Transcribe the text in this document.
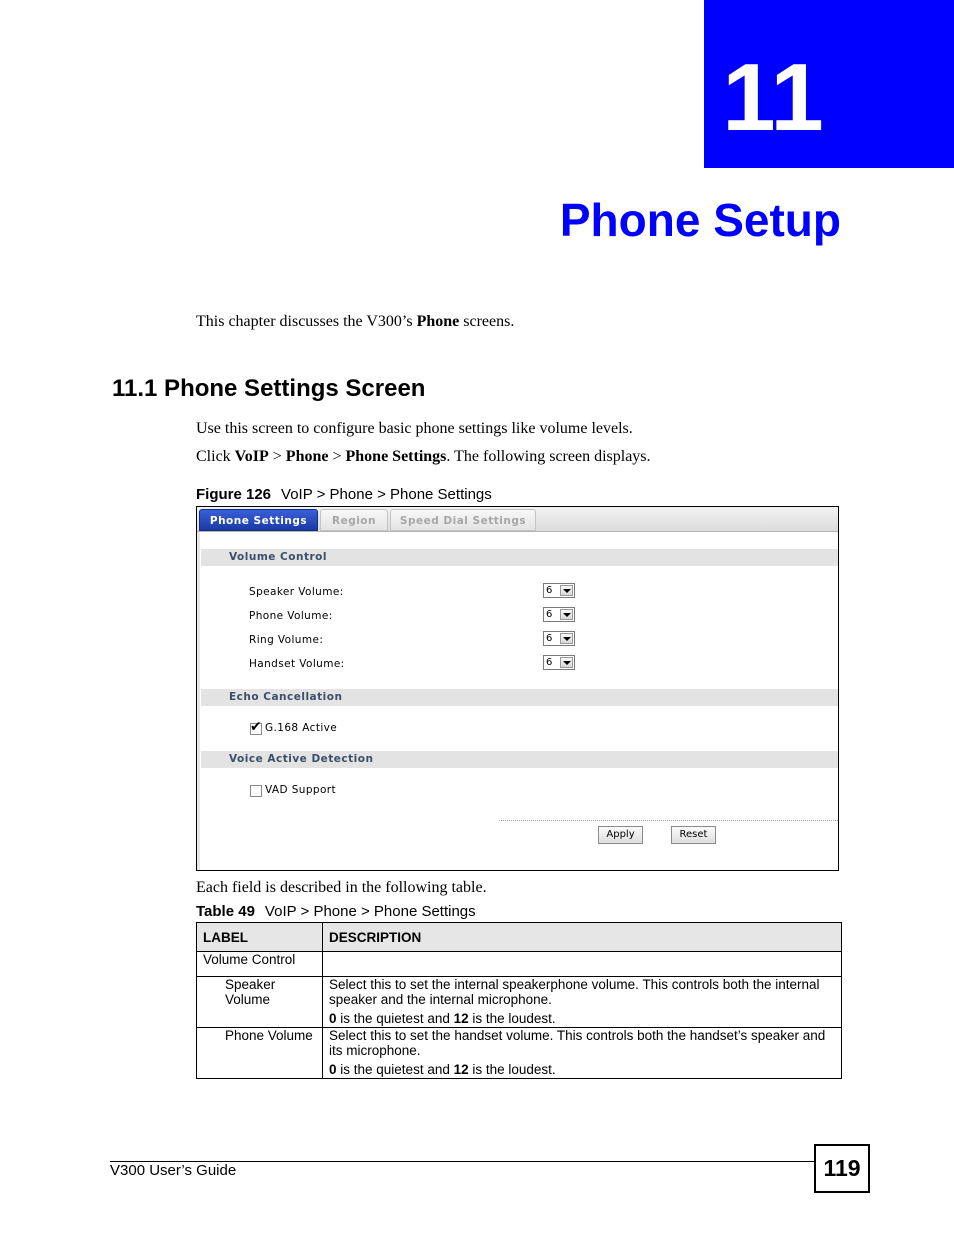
11
Phone Setup
This chapter discusses the V300’s Phone screens.
11.1 Phone Settings Screen
Use this screen to configure basic phone settings like volume levels.
Click VoIP > Phone > Phone Settings. The following screen displays.
Figure 126 VoIP > Phone > Phone Settings
Phone Settings	Region	Speed Dial Settings
Volume Control
Speaker Volume:	6
Phone Volume:	6
Ring Volume:	6
Handset Volume:	6
Echo Cancellation
✔ G.168 Active
Voice Active Detection
VAD Support
Apply	Reset
Each field is described in the following table.
Table 49 VoIP > Phone > Phone Settings
LABEL	DESCRIPTION
Volume Control	
Speaker Volume	Select this to set the internal speakerphone volume. This controls both the internal speaker and the internal microphone.

0 is the quietest and 12 is the loudest.

Phone Volume	Select this to set the handset volume. This controls both the handset’s speaker and its microphone.

0 is the quietest and 12 is the loudest.

V300 User’s Guide	119
